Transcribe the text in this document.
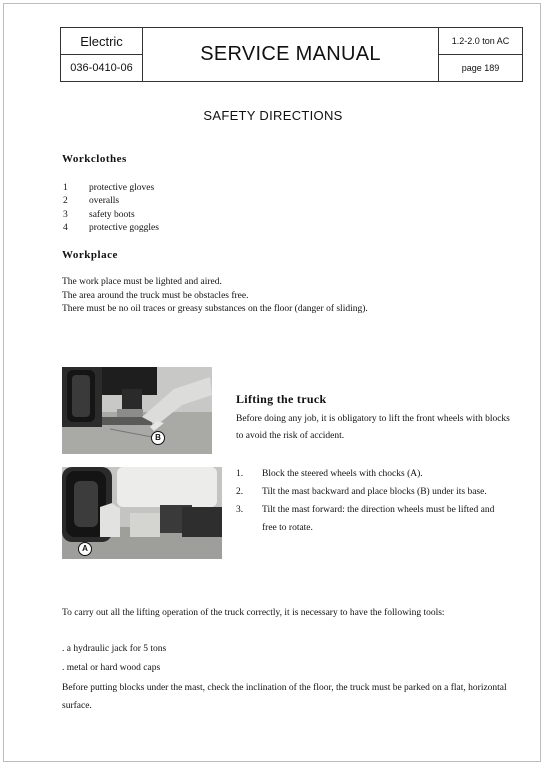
Electric
036-0410-06
SERVICE MANUAL
1.2-2.0 ton AC
page 189
SAFETY DIRECTIONS
Workclothes
1 protective gloves
2 overalls
3 safety boots
4 protective goggles
Workplace
The work place must be lighted and aired.
The area around the truck must be obstacles free.
There must be no oil traces or greasy substances on the floor (danger of sliding).
B
A
Lifting the truck
Before doing any job, it is obligatory to lift the front wheels with blocks
to avoid the risk of accident.
1. Block the steered wheels with chocks (A).
2. Tilt the mast backward and place blocks (B) under its base.
3. Tilt the mast forward: the direction wheels must be lifted and
free to rotate.
To carry out all the lifting operation of the truck correctly, it is necessary to have the following tools:
. a hydraulic jack for 5 tons
. metal or hard wood caps
Before putting blocks under the mast, check the inclination of the floor, the truck must be parked on a flat, horizontal
surface.
